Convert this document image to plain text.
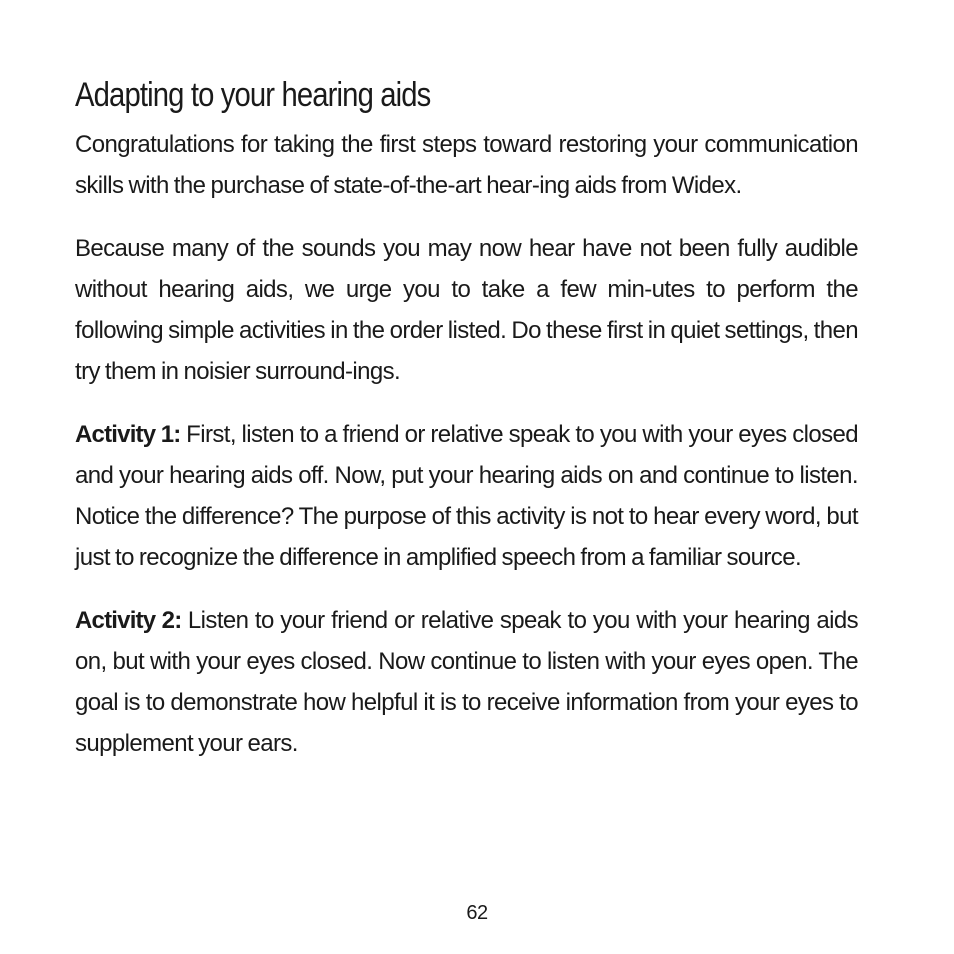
Adapting to your hearing aids

Congratulations for taking the first steps toward restoring your communication skills with the purchase of state-of-the-art hear-ing aids from Widex.

Because many of the sounds you may now hear have not been fully audible without hearing aids, we urge you to take a few min-utes to perform the following simple activities in the order listed. Do these first in quiet settings, then try them in noisier surround-ings.

Activity 1: First, listen to a friend or relative speak to you with your eyes closed and your hearing aids off. Now, put your hearing aids on and continue to listen. Notice the difference? The purpose of this activity is not to hear every word, but just to recognize the difference in amplified speech from a familiar source.

Activity 2: Listen to your friend or relative speak to you with your hearing aids on, but with your eyes closed. Now continue to listen with your eyes open. The goal is to demonstrate how helpful it is to receive information from your eyes to supplement your ears.

62
